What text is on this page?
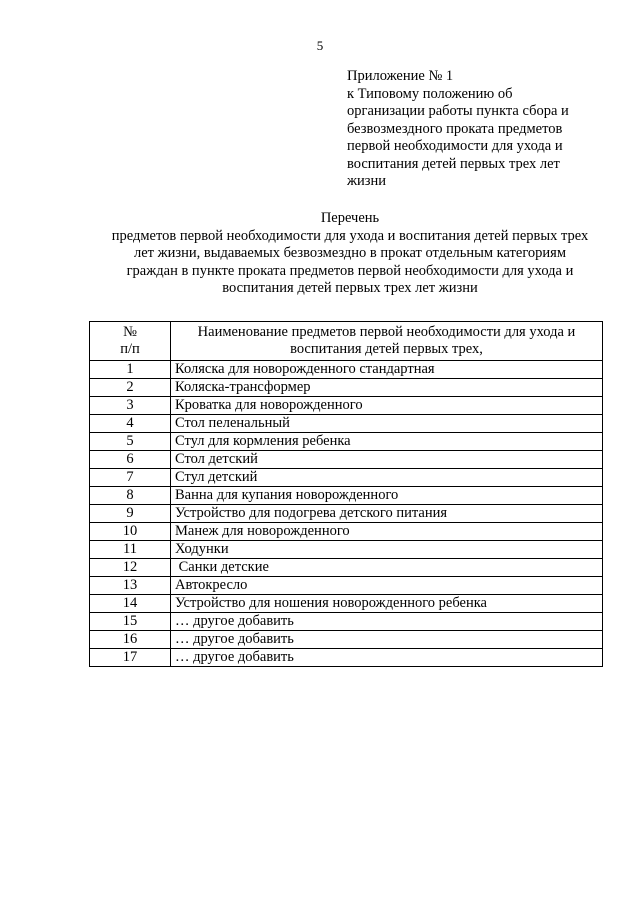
5
Приложение № 1
к Типовому положению об
организации работы пункта сбора и
безвозмездного проката предметов
первой необходимости для ухода и
воспитания детей первых трех лет
жизни
Перечень
предметов первой необходимости для ухода и воспитания детей первых трех
лет жизни, выдаваемых безвозмездно в прокат отдельным категориям
граждан в пункте проката предметов первой необходимости для ухода и
воспитания детей первых трех лет жизни
№
п/п	Наименование предметов первой необходимости для ухода и
воспитания детей первых трех,

1	Коляска для новорожденного стандартная
2	Коляска-трансформер
3	Кроватка для новорожденного
4	Стол пеленальный
5	Стул для кормления ребенка
6	Стол детский
7	Стул детский
8	Ванна для купания новорожденного
9	Устройство для подогрева детского питания
10	Манеж для новорожденного
11	Ходунки
12	Санки детские
13	Автокресло
14	Устройство для ношения новорожденного ребенка
15	… другое добавить
16	… другое добавить
17	… другое добавить
